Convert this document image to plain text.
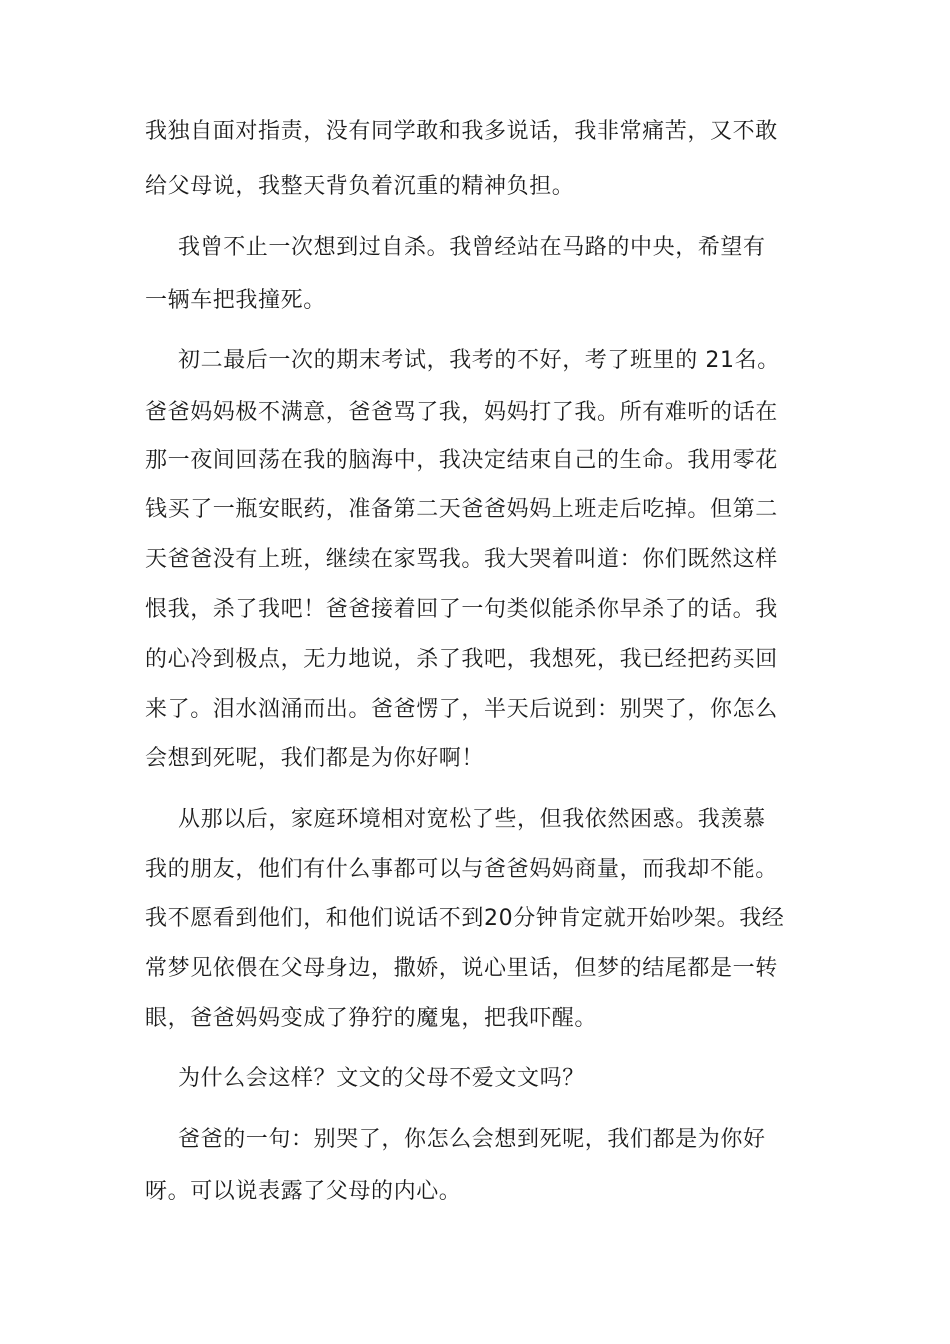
我独自面对指责，没有同学敢和我多说话，我非常痛苦，又不敢

给父母说，我整天背负着沉重的精神负担。

我曾不止一次想到过自杀。我曾经站在马路的中央，希望有

一辆车把我撞死。

初二最后一次的期末考试，我考的不好，考了班里的 21名。

爸爸妈妈极不满意，爸爸骂了我，妈妈打了我。所有难听的话在

那一夜间回荡在我的脑海中，我决定结束自己的生命。我用零花

钱买了一瓶安眠药，准备第二天爸爸妈妈上班走后吃掉。但第二

天爸爸没有上班，继续在家骂我。我大哭着叫道：你们既然这样

恨我，杀了我吧！爸爸接着回了一句类似能杀你早杀了的话。我

的心冷到极点，无力地说，杀了我吧，我想死，我已经把药买回

来了。泪水汹涌而出。爸爸愣了，半天后说到：别哭了，你怎么

会想到死呢，我们都是为你好啊！

从那以后，家庭环境相对宽松了些，但我依然困惑。我羡慕

我的朋友，他们有什么事都可以与爸爸妈妈商量，而我却不能。

我不愿看到他们，和他们说话不到20分钟肯定就开始吵架。我经

常梦见依偎在父母身边，撒娇，说心里话，但梦的结尾都是一转

眼，爸爸妈妈变成了狰狞的魔鬼，把我吓醒。

为什么会这样？文文的父母不爱文文吗？

爸爸的一句：别哭了，你怎么会想到死呢，我们都是为你好

呀。可以说表露了父母的内心。
